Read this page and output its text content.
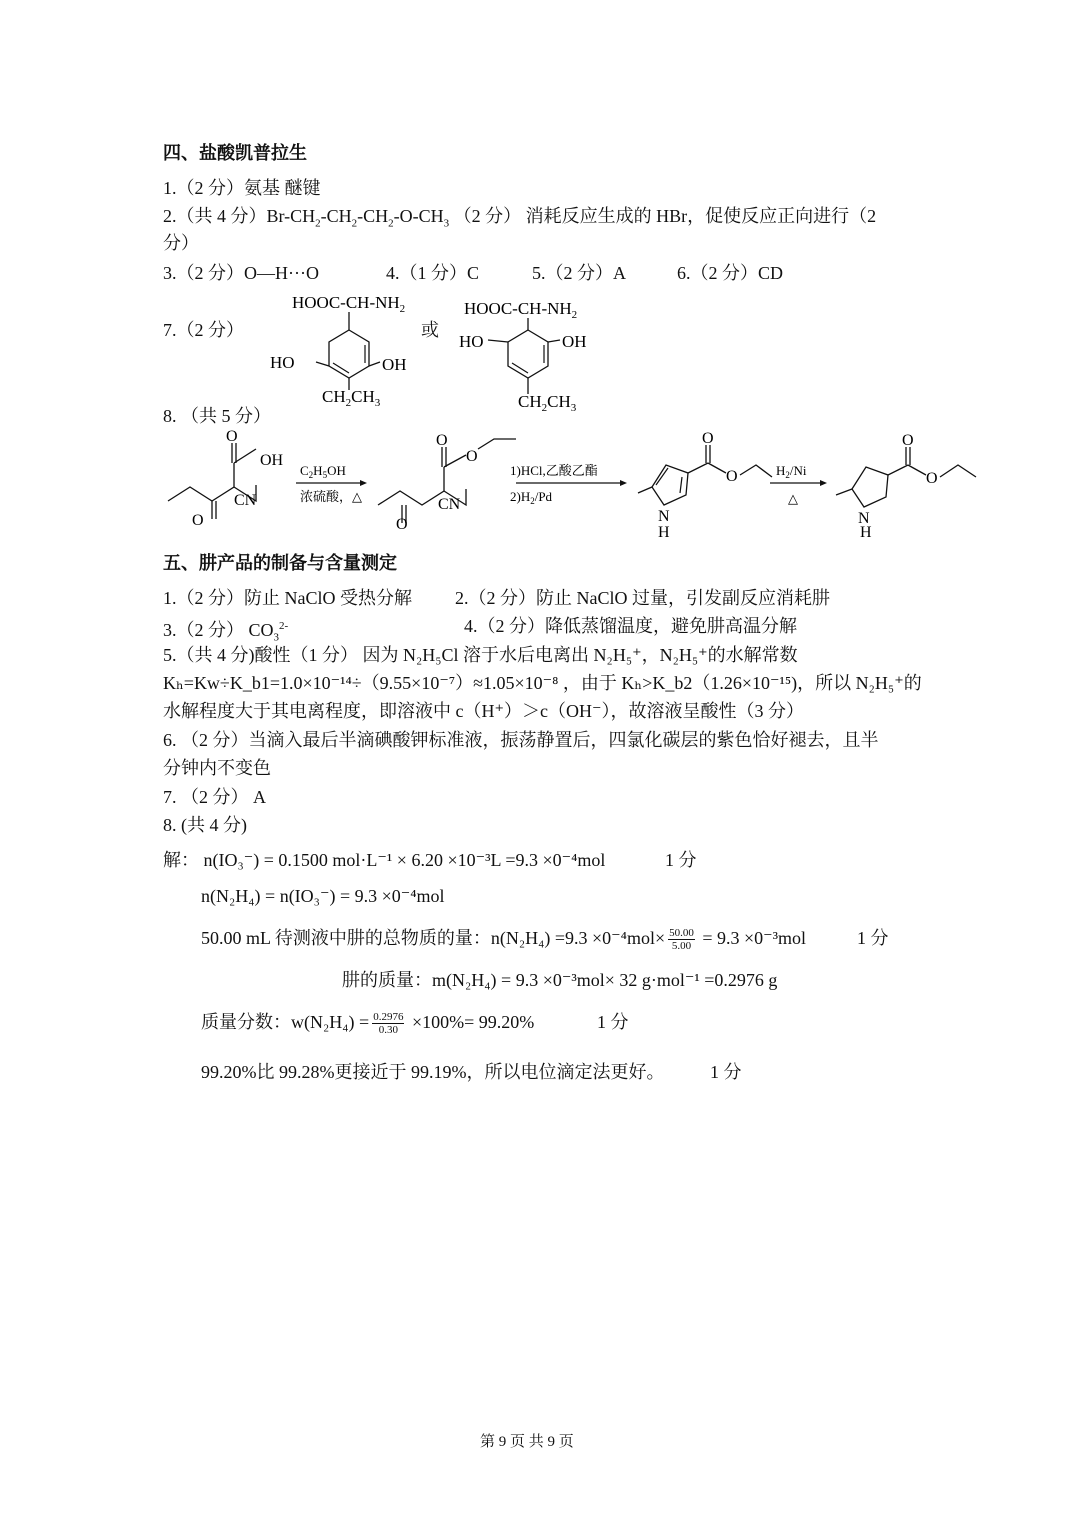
四、盐酸凯普拉生
1.（2 分）氨基 醚键
2.（共 4 分）$Br-CH_2-CH_2-CH_2-O-CH_3$ （2 分） 消耗反应生成的 HBr，促使反应正向进行（2
分）
3.（2 分）O—H···O	4.（1 分）C	5.（2 分）A	6.（2 分）CD
7.（2 分）	或
HOOC-$CH-NH_2$
HO	OH
$CH_2CH_3$
HOOC-$CH-NH_2$
HO	OH
$CH_2CH_3$
8. （共 5 分）
O
OH
CN
O
$C_2H_5OH$
浓硫酸，△
O
O
CN
O
1)HCl,乙酸乙酯
$2)H_2/Pd$
O
O
N
H
$H_2/Ni$
△
O
O
N
H
五、肼产品的制备与含量测定
1.（2 分）防止 NaClO 受热分解 2.（2 分）防止 NaClO 过量，引发副反应消耗肼
3.（2 分） $CO_3^{2-}$	4.（2 分）降低蒸馏温度，避免肼高温分解
5.（共 4 分)酸性（1 分） 因为 N₂H₅Cl 溶于水后电离出 N₂H₅⁺，N₂H₅⁺的水解常数
Kₕ=Kw÷K_b1=1.0×10⁻¹⁴÷（9.55×10⁻⁷）≈1.05×10⁻⁸ ，由于 Kₕ>K_b2（1.26×10⁻¹⁵)，所以 N₂H₅⁺的
水解程度大于其电离程度，即溶液中 c（H⁺）＞c（OH⁻），故溶液呈酸性（3 分）
6. （2 分）当滴入最后半滴碘酸钾标准液，振荡静置后，四氯化碳层的紫色恰好褪去，且半
分钟内不变色
7. （2 分） A
8. (共 4 分)
解： n(IO₃⁻) = 0.1500 mol·L⁻¹ × 6.20 ×10⁻³L =9.3 ×0⁻⁴mol	1 分
n(N₂H₄) = n(IO₃⁻) = 9.3 ×0⁻⁴mol
50.00 mL 待测液中肼的总物质的量：$n(N_2H_4) =9.3 \times 0^{-4}mol\times \frac{50.00}{5.00} = 9.3 \times 0^{-3}mol$	1 分
肼的质量：m(N₂H₄) = 9.3 ×0⁻³mol× 32 g·mol⁻¹ =0.2976 g
质量分数：$w(N_2H_4) = \frac{0.2976}{0.30} \times 100\%= 99.20\%$	1 分
99.20%比 99.28%更接近于 99.19%，所以电位滴定法更好。	1 分
第 9 页 共 9 页
